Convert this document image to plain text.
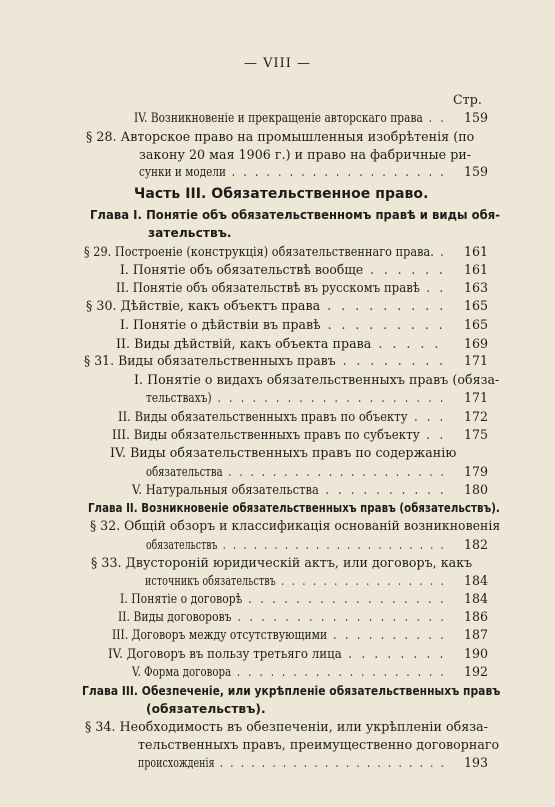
— VIII —
Стр.
IV. Возникновеніе и прекращеніе авторскаго права . .	159
§ 28. Авторское право на промышленныя изобрѣтенія (по
закону 20 мая 1906 г.) и право на фабричные ри-
сунки и модели . . . . . . . . . . . . . . . . . . .	159
Часть III. Обязательственное право.
Глава I. Понятіе объ обязательственномъ правѣ и виды обя-
зательствъ.
§ 29. Построеніе (конструкція) обязательственнаго права. .	161
I. Понятіе объ обязательствѣ вообще . . . . . .	161
II. Понятіе объ обязательствѣ въ русскомъ правѣ . .	163
§ 30. Дѣйствіе, какъ объектъ права . . . . . . . . .	165
I. Понятіе о дѣйствіи въ правѣ . . . . . . . . .	165
II. Виды дѣйствій, какъ объекта права . . . . .	169
§ 31. Виды обязательственныхъ правъ . . . . . . . .	171
I. Понятіе о видахъ обязательственныхъ правъ (обяза-
тельствахъ) . . . . . . . . . . . . . . . . . . . .	171
II. Виды обязательственныхъ правъ по объекту . . .	172
III. Виды обязательственныхъ правъ по субъекту . .	175
IV. Виды обязательственныхъ правъ по содержанію
обязательства . . . . . . . . . . . . . . . . . . . .	179
V. Натуральныя обязательства . . . . . . . . . .	180
Глава II. Возникновеніе обязательственныхъ правъ (обязательствъ).
§ 32. Общій обзоръ и классификація основаній возникновенія
обязательствъ . . . . . . . . . . . . . . . . . . . . . .	182
§ 33. Двустороній юридическій актъ, или договоръ, какъ
источникъ обязательствъ . . . . . . . . . . . . . . . .	184
I. Понятіе о договорѣ . . . . . . . . . . . . . . . . .	184
II. Виды договоровъ . . . . . . . . . . . . . . . . . .	186
III. Договоръ между отсутствующими . . . . . . . . . .	187
IV. Договоръ въ пользу третьяго лица . . . . . . . .	190
V. Форма договора . . . . . . . . . . . . . . . . . . .	192
Глава III. Обезпеченіе, или укрѣпленіе обязательственныхъ правъ
(обязательствъ).
§ 34. Необходимость въ обезпеченіи, или укрѣпленіи обяза-
тельственныхъ правъ, преимущественно договорнаго
происхожденія . . . . . . . . . . . . . . . . . . . . . .	193
